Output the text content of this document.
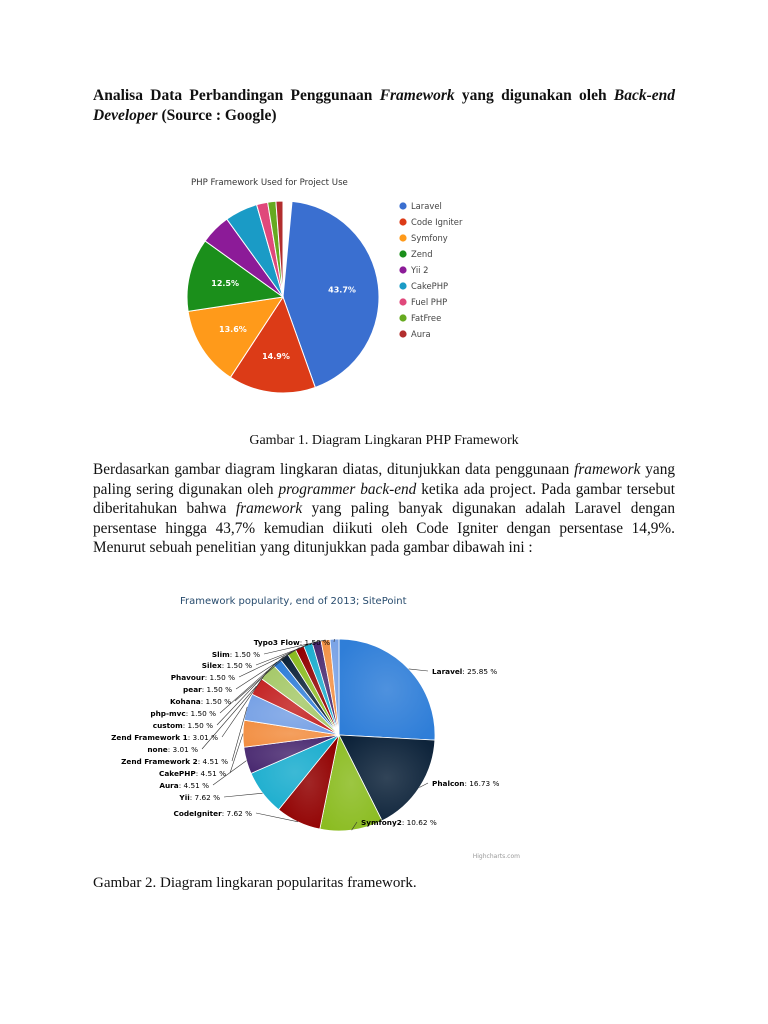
Analisa Data Perbandingan Penggunaan Framework yang digunakan oleh Back-end Developer (Source : Google)
PHP Framework Used for Project Use
43.7%
14.9%
13.6%
12.5%
Laravel
Code Igniter
Symfony
Zend
Yii 2
CakePHP
Fuel PHP
FatFree
Aura
Gambar 1. Diagram Lingkaran PHP Framework
Berdasarkan gambar diagram lingkaran diatas, ditunjukkan data penggunaan framework yang paling sering digunakan oleh programmer back-end ketika ada project. Pada gambar tersebut diberitahukan bahwa framework yang paling banyak digunakan adalah Laravel dengan persentase hingga 43,7% kemudian diikuti oleh Code Igniter dengan persentase 14,9%. Menurut sebuah penelitian yang ditunjukkan pada gambar dibawah ini :
Framework popularity, end of 2013; SitePoint
Laravel: 25.85 %
Phalcon: 16.73 %
Symfony2: 10.62 %
CodeIgniter: 7.62 %
Yii: 7.62 %
Aura: 4.51 %
CakePHP: 4.51 %
Zend Framework 2: 4.51 %
none: 3.01 %
Zend Framework 1: 3.01 %
custom: 1.50 %
php-mvc: 1.50 %
Kohana: 1.50 %
pear: 1.50 %
Phavour: 1.50 %
Silex: 1.50 %
Slim: 1.50 %
Typo3 Flow: 1.50 %
Highcharts.com
Gambar 2. Diagram lingkaran popularitas framework.
